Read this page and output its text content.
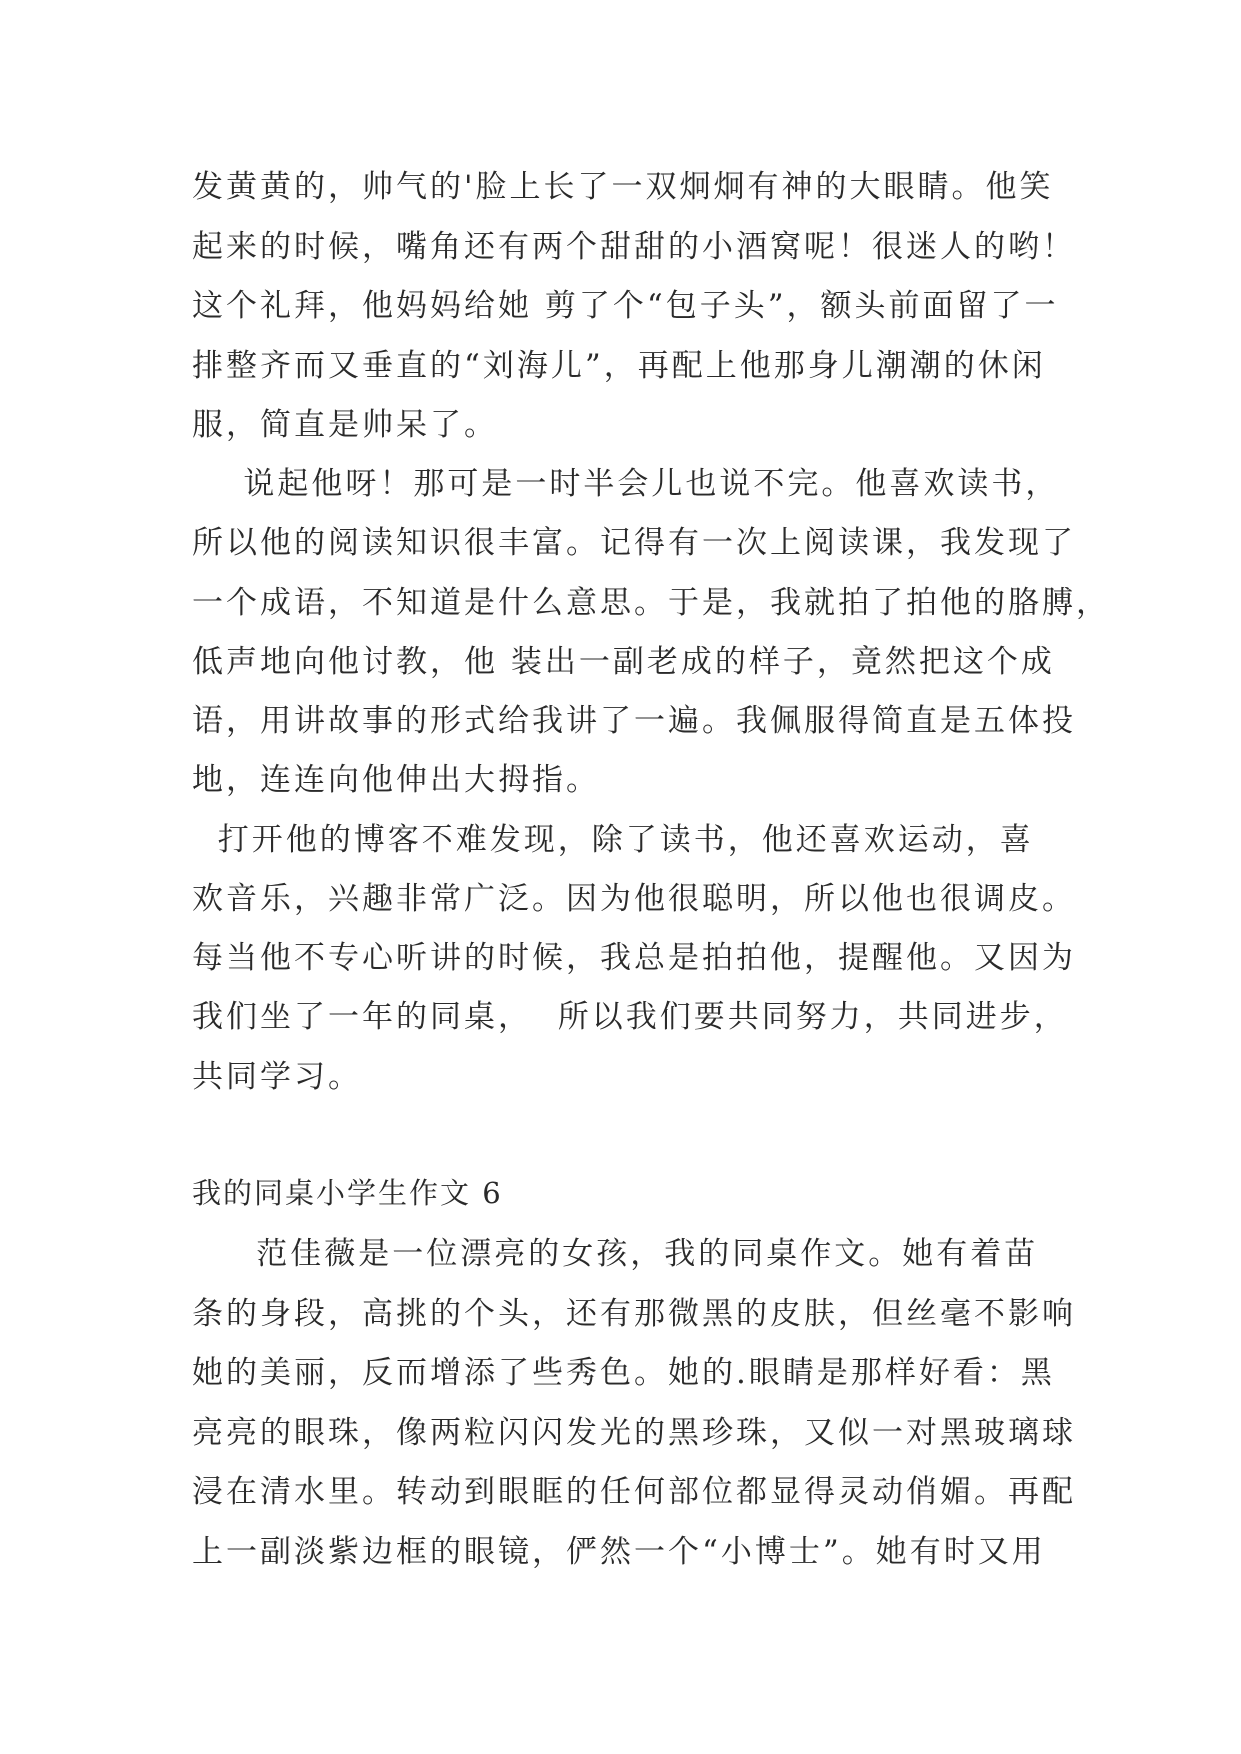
发黄黄的，帅气的'脸上长了一双炯炯有神的大眼睛。他笑
起来的时候，嘴角还有两个甜甜的小酒窝呢！很迷人的哟！
这个礼拜，他妈妈给她 剪了个“包子头”，额头前面留了一
排整齐而又垂直的“刘海儿”，再配上他那身儿潮潮的休闲
服，简直是帅呆了。
说起他呀！那可是一时半会儿也说不完。他喜欢读书，
所以他的阅读知识很丰富。记得有一次上阅读课，我发现了
一个成语，不知道是什么意思。于是，我就拍了拍他的胳膊，
低声地向他讨教，他 装出一副老成的样子，竟然把这个成
语，用讲故事的形式给我讲了一遍。我佩服得简直是五体投
地，连连向他伸出大拇指。
打开他的博客不难发现，除了读书，他还喜欢运动，喜
欢音乐，兴趣非常广泛。因为他很聪明，所以他也很调皮。
每当他不专心听讲的时候，我总是拍拍他，提醒他。又因为
我们坐了一年的同桌，  所以我们要共同努力，共同进步，
共同学习。
我的同桌小学生作文 6
范佳薇是一位漂亮的女孩，我的同桌作文。她有着苗
条的身段，高挑的个头，还有那微黑的皮肤，但丝毫不影响
她的美丽，反而增添了些秀色。她的.眼睛是那样好看：黑
亮亮的眼珠，像两粒闪闪发光的黑珍珠，又似一对黑玻璃球
浸在清水里。转动到眼眶的任何部位都显得灵动俏媚。再配
上一副淡紫边框的眼镜，俨然一个“小博士”。她有时又用
